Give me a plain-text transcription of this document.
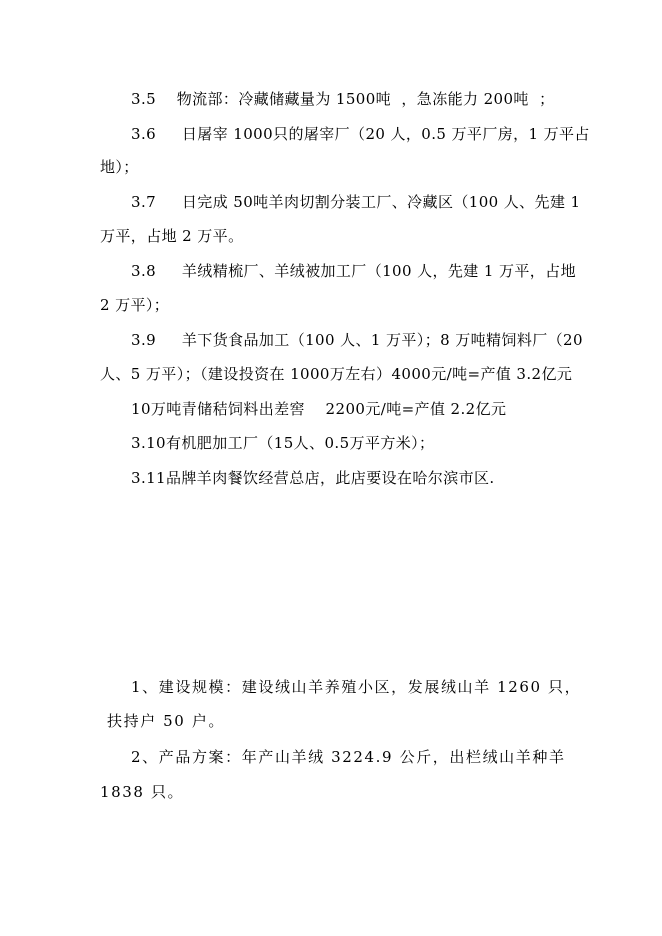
3.5    物流部：冷藏储藏量为 1500吨  ，急冻能力 200吨  ；
3.6     日屠宰 1000只的屠宰厂（20 人，0.5 万平厂房，1 万平占
地）；
3.7     日完成 50吨羊肉切割分装工厂、冷藏区（100 人、先建 1
万平，占地 2 万平。
3.8     羊绒精梳厂、羊绒被加工厂（100 人，先建 1 万平，占地
2 万平）；
3.9     羊下货食品加工（100 人、1 万平）；8 万吨精饲料厂（20
人、5 万平）；（建设投资在 1000万左右）4000元/吨=产值 3.2亿元
10万吨青储秸饲料出差窖    2200元/吨=产值 2.2亿元
3.10有机肥加工厂（15人、0.5万平方米）；
3.11品牌羊肉餐饮经营总店，此店要设在哈尔滨市区.
1、建设规模：建设绒山羊养殖小区，发展绒山羊 1260 只，
扶持户 50 户。
2、产品方案：年产山羊绒 3224.9 公斤，出栏绒山羊种羊
1838 只。
